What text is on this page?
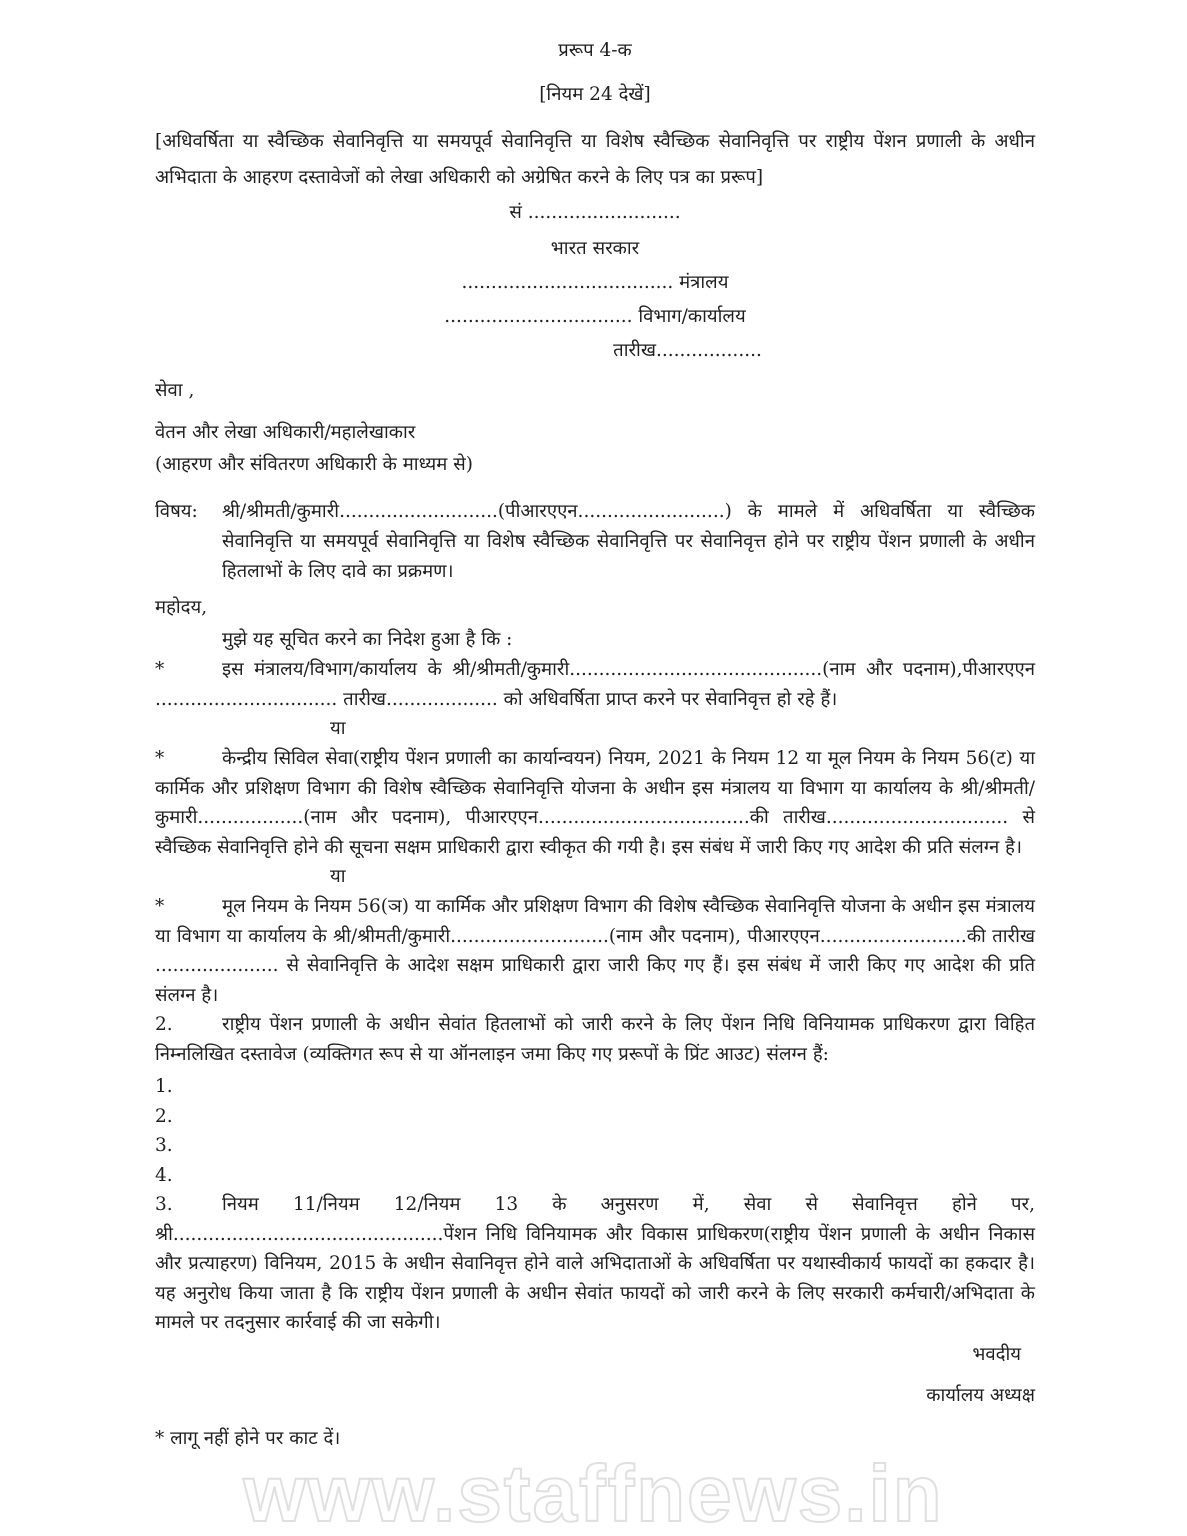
प्ररूप 4-क
[नियम 24 देखें]
[अधिवर्षिता या स्वैच्छिक सेवानिवृत्ति या समयपूर्व सेवानिवृत्ति या विशेष स्वैच्छिक सेवानिवृत्ति पर राष्ट्रीय पेंशन प्रणाली के अधीन अभिदाता के आहरण दस्तावेजों को लेखा अधिकारी को अग्रेषित करने के लिए पत्र का प्ररूप]
सं ..........................
भारत सरकार
.................................... मंत्रालय
................................ विभाग/कार्यालय
तारीख..................
सेवा ,
वेतन और लेखा अधिकारी/महालेखाकार
(आहरण और संवितरण अधिकारी के माध्यम से)
विषय:	श्री/श्रीमती/कुमारी...........................(पीआरएएन.........................) के मामले में अधिवर्षिता या स्वैच्छिक सेवानिवृत्ति या समयपूर्व सेवानिवृत्ति या विशेष स्वैच्छिक सेवानिवृत्ति पर सेवानिवृत्त होने पर राष्ट्रीय पेंशन प्रणाली के अधीन हितलाभों के लिए दावे का प्रक्रमण।
महोदय,
मुझे यह सूचित करने का निदेश हुआ है कि :
*	इस मंत्रालय/विभाग/कार्यालय के श्री/श्रीमती/कुमारी...........................................(नाम और पदनाम),पीआरएएन ............................... तारीख................... को अधिवर्षिता प्राप्त करने पर सेवानिवृत्त हो रहे हैं।
या
*	केन्द्रीय सिविल सेवा(राष्ट्रीय पेंशन प्रणाली का कार्यान्वयन) नियम, 2021 के नियम 12 या मूल नियम के नियम 56(ट) या कार्मिक और प्रशिक्षण विभाग की विशेष स्वैच्छिक सेवानिवृत्ति योजना के अधीन इस मंत्रालय या विभाग या कार्यालय के श्री/श्रीमती/कुमारी..................(नाम और पदनाम), पीआरएएन....................................की तारीख............................... से स्वैच्छिक सेवानिवृत्ति होने की सूचना सक्षम प्राधिकारी द्वारा स्वीकृत की गयी है। इस संबंध में जारी किए गए आदेश की प्रति संलग्न है।
या
*	मूल नियम के नियम 56(ञ) या कार्मिक और प्रशिक्षण विभाग की विशेष स्वैच्छिक सेवानिवृत्ति योजना के अधीन इस मंत्रालय या विभाग या कार्यालय के श्री/श्रीमती/कुमारी...........................(नाम और पदनाम), पीआरएएन.........................की तारीख ..................... से सेवानिवृत्ति के आदेश सक्षम प्राधिकारी द्वारा जारी किए गए हैं। इस संबंध में जारी किए गए आदेश की प्रति संलग्न है।
2.	राष्ट्रीय पेंशन प्रणाली के अधीन सेवांत हितलाभों को जारी करने के लिए पेंशन निधि विनियामक प्राधिकरण द्वारा विहित निम्नलिखित दस्तावेज (व्यक्तिगत रूप से या ऑनलाइन जमा किए गए प्ररूपों के प्रिंट आउट) संलग्न हैं:
1.
2.
3.
4.
3.	नियम 11/नियम 12/नियम 13 के अनुसरण में, सेवा से सेवानिवृत्त होने पर, श्री..............................................पेंशन निधि विनियामक और विकास प्राधिकरण(राष्ट्रीय पेंशन प्रणाली के अधीन निकास और प्रत्याहरण) विनियम, 2015 के अधीन सेवानिवृत्त होने वाले अभिदाताओं के अधिवर्षिता पर यथास्वीकार्य फायदों का हकदार है। यह अनुरोध किया जाता है कि राष्ट्रीय पेंशन प्रणाली के अधीन सेवांत फायदों को जारी करने के लिए सरकारी कर्मचारी/अभिदाता के मामले पर तदनुसार कार्रवाई की जा सकेगी।
भवदीय
कार्यालय अध्यक्ष
* लागू नहीं होने पर काट दें।
www.staffnews.in
